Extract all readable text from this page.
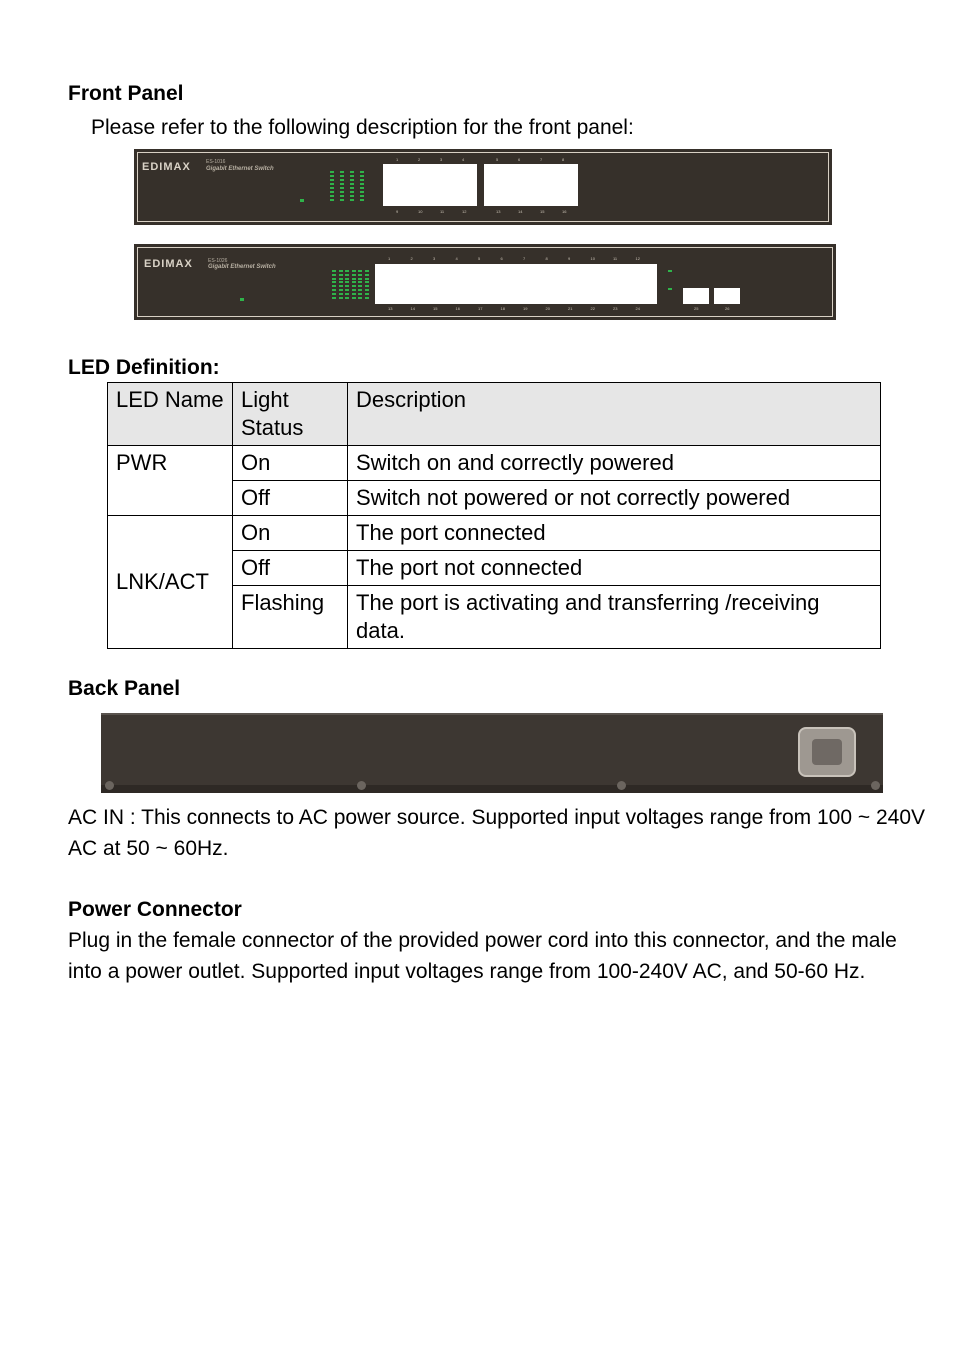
Front Panel
Please refer to the following description for the front panel:
EDIMAX	ES-1016
Gigabit Ethernet Switch
1	2	3	4	5	6	7	8
9	10	11	12	13	14	15	16
EDIMAX	ES-1026
Gigabit Ethernet Switch
1	2	3	4	5	6	7	8	9	10	11	12
13	14	15	16	17	18	19	20	21	22	23	24	25	26
LED Definition:
LED Name	Light Status	Description
PWR	On	Switch on and correctly powered
	Off	Switch not powered or not correctly powered
LNK/ACT	On	The port connected
	Off	The port not connected
	Flashing	The port is activating and transferring /receiving data.
Back Panel
AC IN : This connects to AC power source. Supported input voltages range from 100 ~ 240V AC at 50 ~ 60Hz.
Power Connector
Plug in the female connector of the provided power cord into this connector, and the male into a power outlet. Supported input voltages range from 100-240V AC, and 50-60 Hz.
